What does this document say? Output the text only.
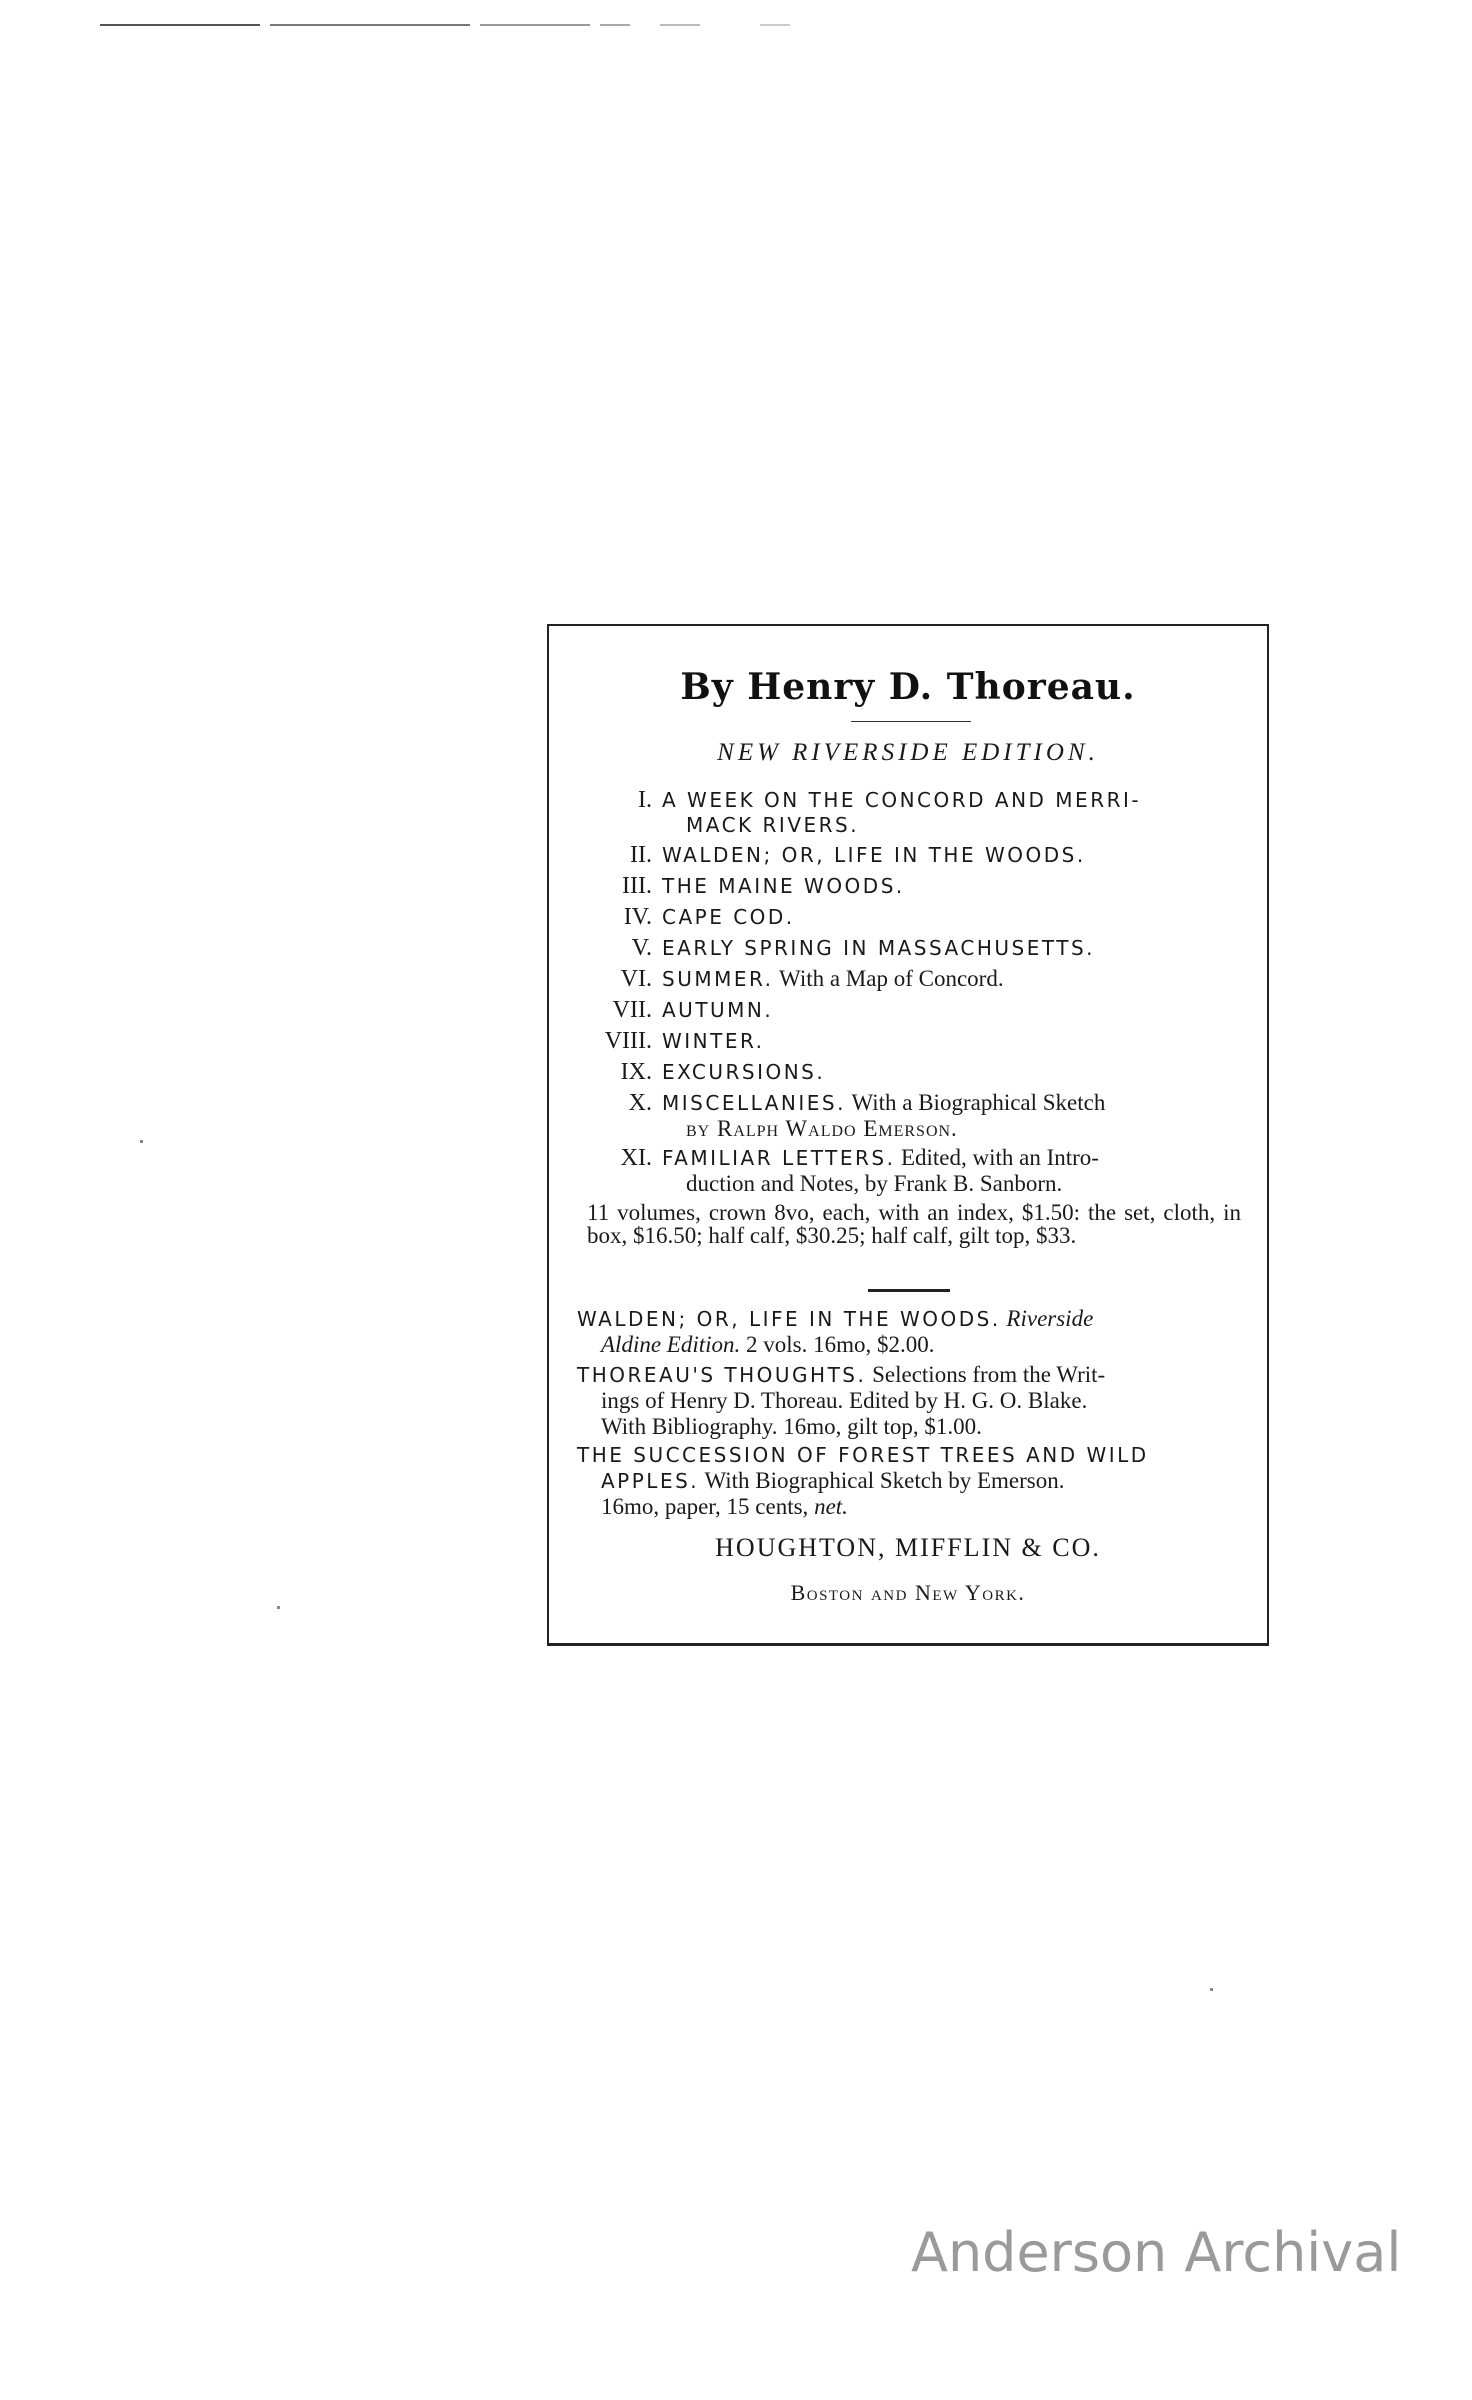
By Henry D. Thoreau.
NEW RIVERSIDE EDITION.
I. A WEEK ON THE CONCORD AND MERRI-
MACK RIVERS.
II. WALDEN; OR, LIFE IN THE WOODS.
III. THE MAINE WOODS.
IV. CAPE COD.
V. EARLY SPRING IN MASSACHUSETTS.
VI. SUMMER. With a Map of Concord.
VII. AUTUMN.
VIII. WINTER.
IX. EXCURSIONS.
X. MISCELLANIES. With a Biographical Sketch
by Ralph Waldo Emerson.
XI. FAMILIAR LETTERS. Edited, with an Intro-
duction and Notes, by Frank B. Sanborn.
11 volumes, crown 8vo, each, with an index, $1.50: the set, cloth, in box, $16.50; half calf, $30.25; half calf, gilt top, $33.
WALDEN; OR, LIFE IN THE WOODS. Riverside
Aldine Edition. 2 vols. 16mo, $2.00.
THOREAU'S THOUGHTS. Selections from the Writ-
ings of Henry D. Thoreau. Edited by H. G. O. Blake.
With Bibliography. 16mo, gilt top, $1.00.
THE SUCCESSION OF FOREST TREES AND WILD
APPLES. With Biographical Sketch by Emerson.
16mo, paper, 15 cents, net.
HOUGHTON, MIFFLIN & CO.
Boston and New York.
Anderson Archival
